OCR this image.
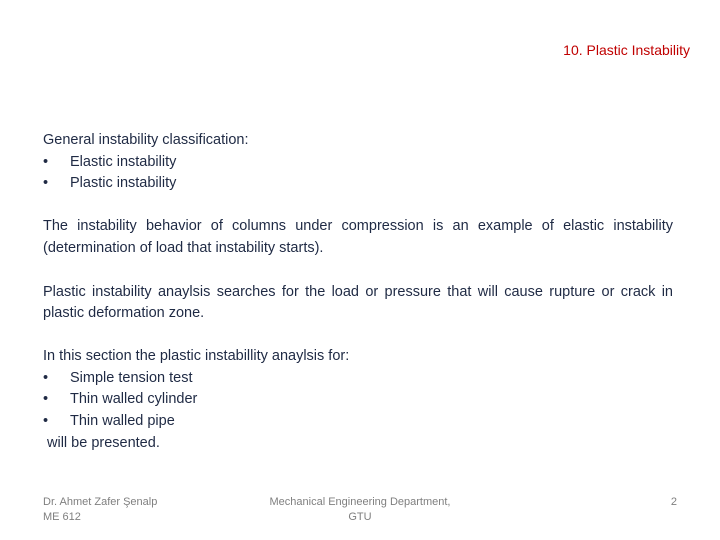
10. Plastic Instability

General instability classification:

•	Elastic instability
•	Plastic instability

The instability behavior of columns under compression is an example of elastic instability (determination of load that instability starts).

Plastic instability anaylsis searches for the load or pressure that will cause rupture or crack in plastic deformation zone.

In this section the plastic instabillity anaylsis for:

•	Simple tension test
•	Thin walled cylinder
•	Thin walled pipe

will be presented.

Dr. Ahmet Zafer Şenalp
ME 612
Mechanical Engineering Department,
GTU
2
